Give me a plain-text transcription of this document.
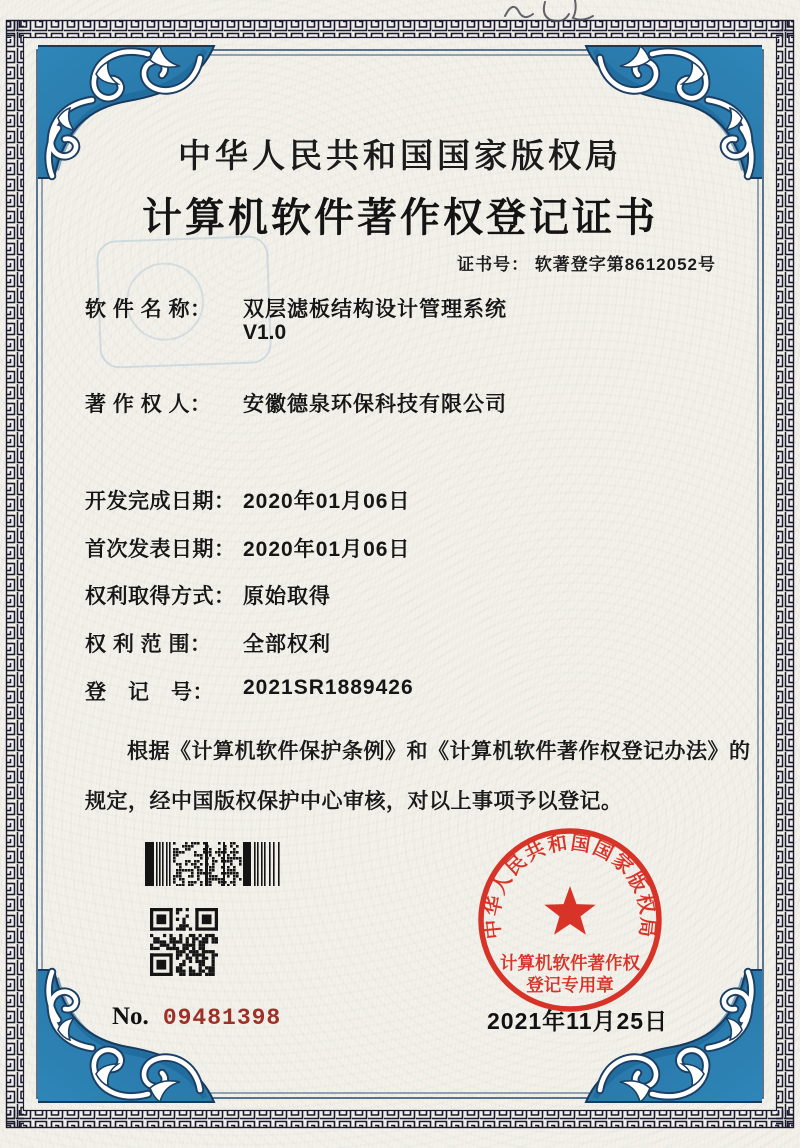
中华人民共和国国家版权局
计算机软件著作权登记证书
证书号： 软著登字第8612052号
软 件 名 称：	双层滤板结构设计管理系统
V1.0
著 作 权 人：	安徽德泉环保科技有限公司
开发完成日期： 2020年01月06日
首次发表日期： 2020年01月06日
权利取得方式： 原始取得
权 利 范 围：	全部权利
登　记　号：	2021SR1889426
根据《计算机软件保护条例》和《计算机软件著作权登记办法》的
规定，经中国版权保护中心审核，对以上事项予以登记。
No. 09481398	2021年11月25日
中华人民共和国国家版权局
计算机软件著作权
登记专用章
